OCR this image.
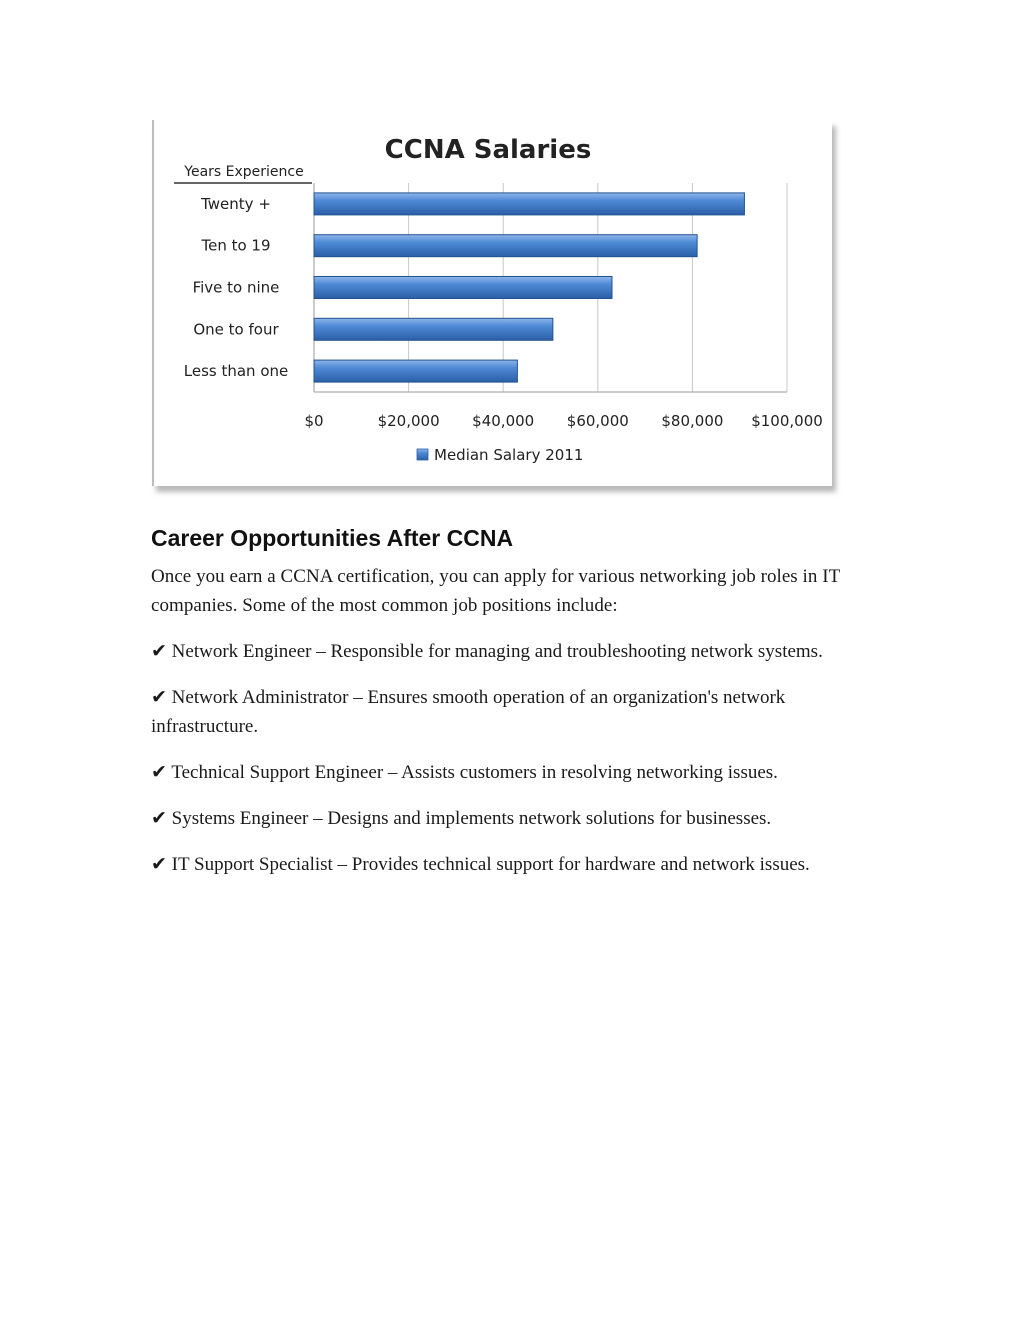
$0	$20,000 $40,000 $60,000 $80,000 $100,000
Twenty +
Ten to 19
Five to nine
One to four
Less than one
CCNA Salaries
Years Experience
Median Salary 2011
Career Opportunities After CCNA

Once you earn a CCNA certification, you can apply for various networking job roles in IT companies. Some of the most common job positions include:

✔ Network Engineer – Responsible for managing and troubleshooting network systems.

✔ Network Administrator – Ensures smooth operation of an organization's network infrastructure.

✔ Technical Support Engineer – Assists customers in resolving networking issues.

✔ Systems Engineer – Designs and implements network solutions for businesses.

✔ IT Support Specialist – Provides technical support for hardware and network issues.
